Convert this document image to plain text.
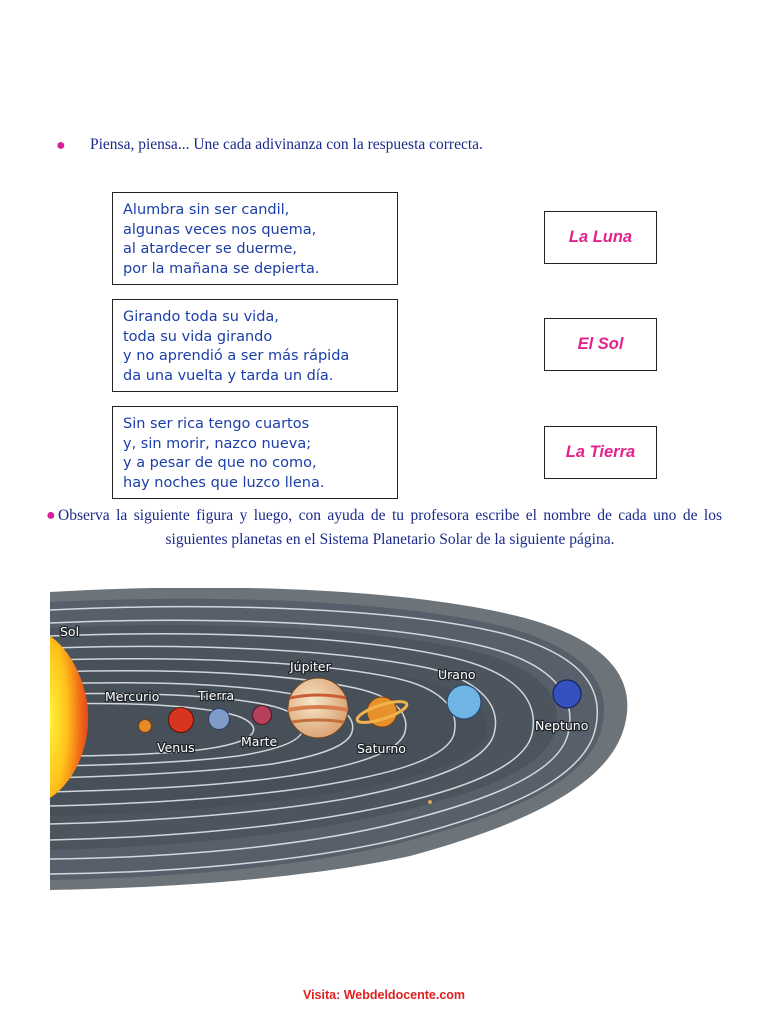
● Piensa, piensa... Une cada adivinanza con la respuesta correcta.
Alumbra sin ser candil,
algunas veces nos quema,
al atardecer se duerme,
por la mañana se depierta.
Girando toda su vida,
toda su vida girando
y no aprendió a ser más rápida
da una vuelta y tarda un día.
Sin ser rica tengo cuartos
y, sin morir, nazco nueva;
y a pesar de que no como,
hay noches que luzco llena.
La Luna
El Sol
La Tierra
● Observa la siguiente figura y luego, con ayuda de tu profesora escribe el nombre de cada uno de los siguientes planetas en el Sistema Planetario Solar de la siguiente página.
Sol
Mercurio
Venus
Tierra
Marte
Júpiter
Saturno
Urano
Neptuno
Visita: Webdeldocente.com
